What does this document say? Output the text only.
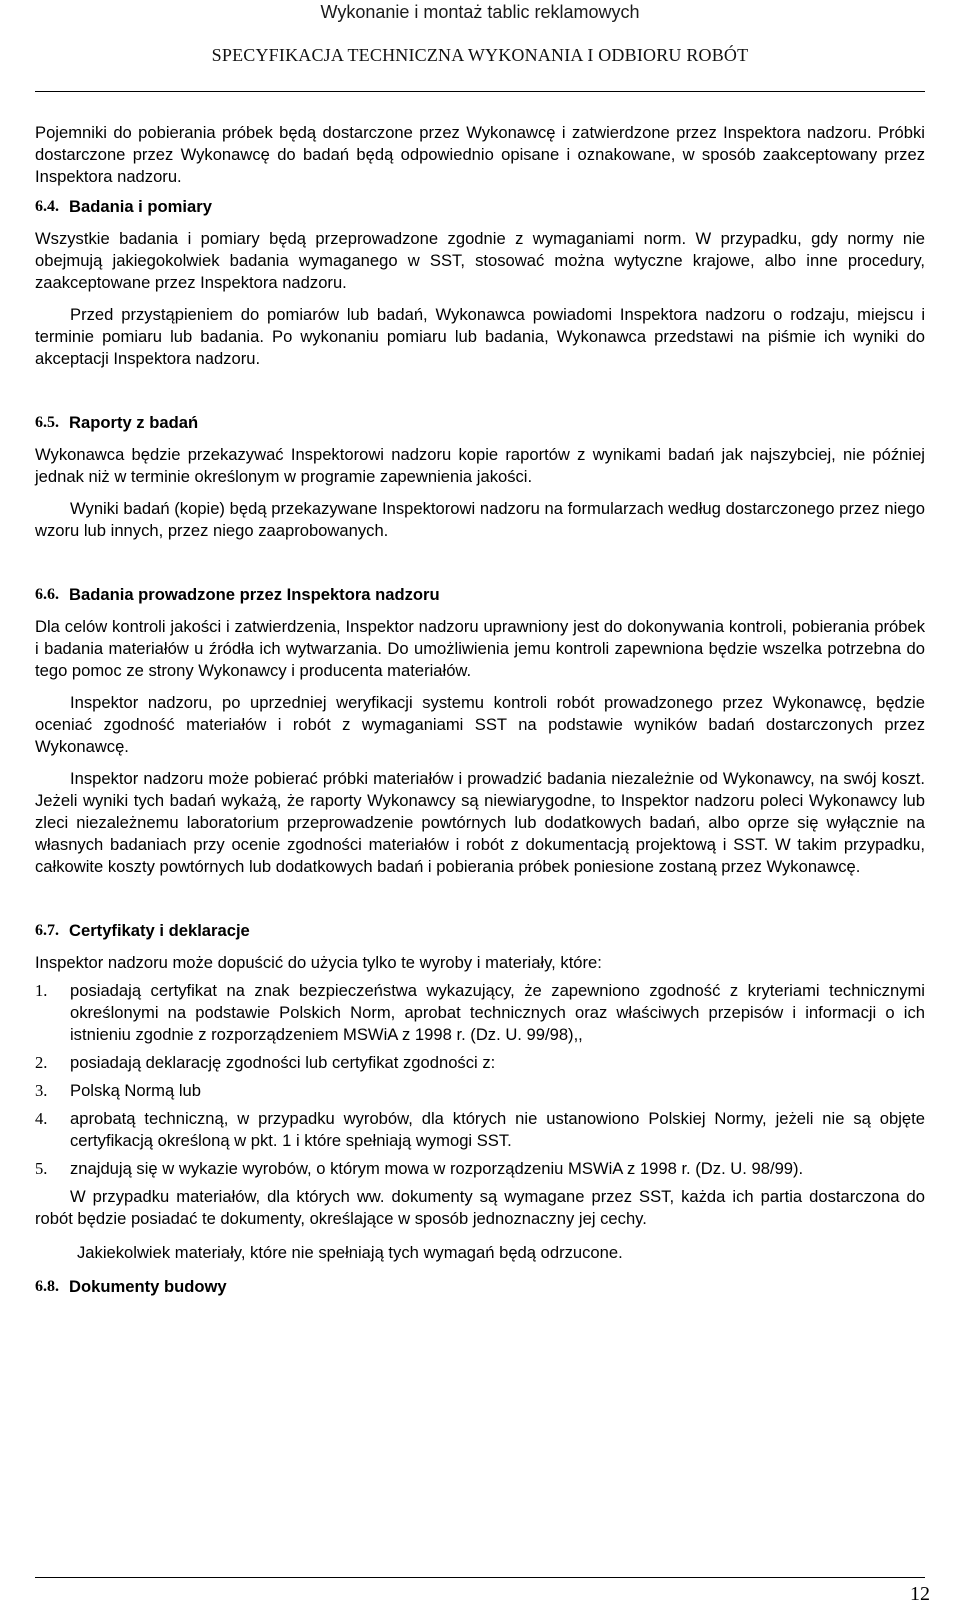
Wykonanie i montaż tablic reklamowych
SPECYFIKACJA TECHNICZNA WYKONANIA I ODBIORU ROBÓT

Pojemniki do pobierania próbek będą dostarczone przez Wykonawcę i zatwierdzone przez Inspektora nadzoru. Próbki dostarczone przez Wykonawcę do badań będą odpowiednio opisane i oznakowane, w sposób zaakceptowany przez Inspektora nadzoru.

6.4. Badania i pomiary

Wszystkie badania i pomiary będą przeprowadzone zgodnie z wymaganiami norm. W przypadku, gdy normy nie obejmują jakiegokolwiek badania wymaganego w SST, stosować można wytyczne krajowe, albo inne procedury, zaakceptowane przez Inspektora nadzoru.

Przed przystąpieniem do pomiarów lub badań, Wykonawca powiadomi Inspektora nadzoru o rodzaju, miejscu i terminie pomiaru lub badania. Po wykonaniu pomiaru lub badania, Wykonawca przedstawi na piśmie ich wyniki do akceptacji Inspektora nadzoru.

6.5. Raporty z badań

Wykonawca będzie przekazywać Inspektorowi nadzoru kopie raportów z wynikami badań jak najszybciej, nie później jednak niż w terminie określonym w programie zapewnienia jakości.

Wyniki badań (kopie) będą przekazywane Inspektorowi nadzoru na formularzach według dostarczonego przez niego wzoru lub innych, przez niego zaaprobowanych.

6.6. Badania prowadzone przez Inspektora nadzoru

Dla celów kontroli jakości i zatwierdzenia, Inspektor nadzoru uprawniony jest do dokonywania kontroli, pobierania próbek i badania materiałów u źródła ich wytwarzania. Do umożliwienia jemu kontroli zapewniona będzie wszelka potrzebna do tego pomoc ze strony Wykonawcy i producenta materiałów.

Inspektor nadzoru, po uprzedniej weryfikacji systemu kontroli robót prowadzonego przez Wykonawcę, będzie oceniać zgodność materiałów i robót z wymaganiami SST na podstawie wyników badań dostarczonych przez Wykonawcę.

Inspektor nadzoru może pobierać próbki materiałów i prowadzić badania niezależnie od Wykonawcy, na swój koszt. Jeżeli wyniki tych badań wykażą, że raporty Wykonawcy są niewiarygodne, to Inspektor nadzoru poleci Wykonawcy lub zleci niezależnemu laboratorium przeprowadzenie powtórnych lub dodatkowych badań, albo oprze się wyłącznie na własnych badaniach przy ocenie zgodności materiałów i robót z dokumentacją projektową i SST. W takim przypadku, całkowite koszty powtórnych lub dodatkowych badań i pobierania próbek poniesione zostaną przez Wykonawcę.

6.7. Certyfikaty i deklaracje

Inspektor nadzoru może dopuścić do użycia tylko te wyroby i materiały, które:

1.	posiadają certyfikat na znak bezpieczeństwa wykazujący, że zapewniono zgodność z kryteriami technicznymi określonymi na podstawie Polskich Norm, aprobat technicznych oraz właściwych przepisów i informacji o ich istnieniu zgodnie z rozporządzeniem MSWiA z 1998 r. (Dz. U. 99/98),,
2.	posiadają deklarację zgodności lub certyfikat zgodności z:
3.	Polską Normą lub
4.	aprobatą techniczną, w przypadku wyrobów, dla których nie ustanowiono Polskiej Normy, jeżeli nie są objęte certyfikacją określoną w pkt. 1 i które spełniają wymogi SST.
5.	znajdują się w wykazie wyrobów, o którym mowa w rozporządzeniu MSWiA z 1998 r. (Dz. U. 98/99).

W przypadku materiałów, dla których ww. dokumenty są wymagane przez SST, każda ich partia dostarczona do robót będzie posiadać te dokumenty, określające w sposób jednoznaczny jej cechy.

Jakiekolwiek materiały, które nie spełniają tych wymagań będą odrzucone.

6.8. Dokumenty budowy
12
